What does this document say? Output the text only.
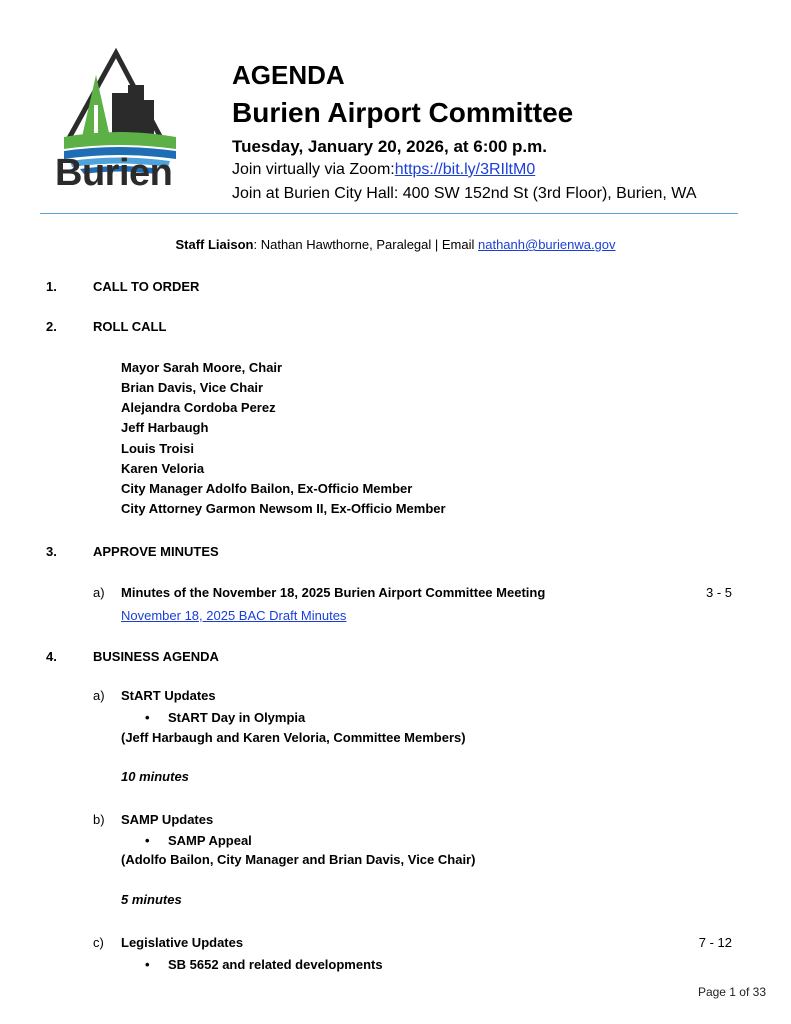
Burien
AGENDA
Burien Airport Committee
Tuesday, January 20, 2026, at 6:00 p.m.
Join virtually via Zoom:https://bit.ly/3RIltM0
Join at Burien City Hall: 400 SW 152nd St (3rd Floor), Burien, WA
Staff Liaison: Nathan Hawthorne, Paralegal | Email nathanh@burienwa.gov
1.	CALL TO ORDER
2.	ROLL CALL
Mayor Sarah Moore, Chair
Brian Davis, Vice Chair
Alejandra Cordoba Perez
Jeff Harbaugh
Louis Troisi
Karen Veloria
City Manager Adolfo Bailon, Ex-Officio Member
City Attorney Garmon Newsom II, Ex-Officio Member
3.	APPROVE MINUTES
a) Minutes of the November 18, 2025 Burien Airport Committee Meeting	3 - 5
November 18, 2025 BAC Draft Minutes
4.	BUSINESS AGENDA
a) StART Updates
• StART Day in Olympia
(Jeff Harbaugh and Karen Veloria, Committee Members)
10 minutes
b) SAMP Updates
• SAMP Appeal
(Adolfo Bailon, City Manager and Brian Davis, Vice Chair)
5 minutes
c) Legislative Updates	7 - 12
• SB 5652 and related developments
Page 1 of 33
